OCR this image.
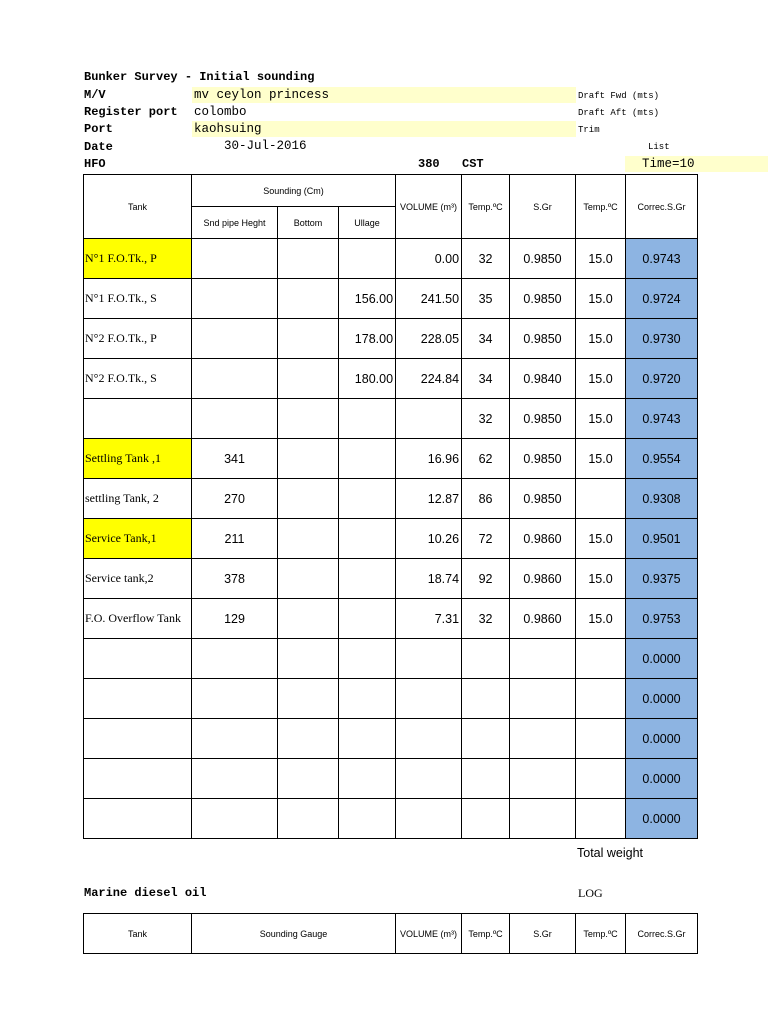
Bunker Survey - Initial sounding
M/V	mv ceylon princess
Register port colombo
Port	kaohsuing
Date	30-Jul-2016
HFO	380 CST
Draft Fwd (mts)
Draft Aft (mts)
Trim
List
Time=10
Tank	Sounding (Cm)			VOLUME (m³)	Temp.ºC	S.Gr	Temp.ºC	Correc.S.Gr
	Snd pipe Heght	Bottom	Ullage					
N°1 F.O.Tk., P				0.00	32	0.9850	15.0	0.9743
N°1 F.O.Tk., S			156.00	241.50	35	0.9850	15.0	0.9724
N°2 F.O.Tk., P			178.00	228.05	34	0.9850	15.0	0.9730
N°2 F.O.Tk., S			180.00	224.84	34	0.9840	15.0	0.9720
					32	0.9850	15.0	0.9743
Settling Tank ,1	341			16.96	62	0.9850	15.0	0.9554
settling Tank, 2	270			12.87	86	0.9850		0.9308
Service Tank,1	211			10.26	72	0.9860	15.0	0.9501
Service tank,2	378			18.74	92	0.9860	15.0	0.9375
F.O. Overflow Tank	129			7.31	32	0.9860	15.0	0.9753
								0.0000
								0.0000
								0.0000
								0.0000
								0.0000
Total weight
Marine diesel oil	LOG
Tank	Sounding Gauge	VOLUME (m³)	Temp.ºC	S.Gr	Temp.ºC	Correc.S.Gr
